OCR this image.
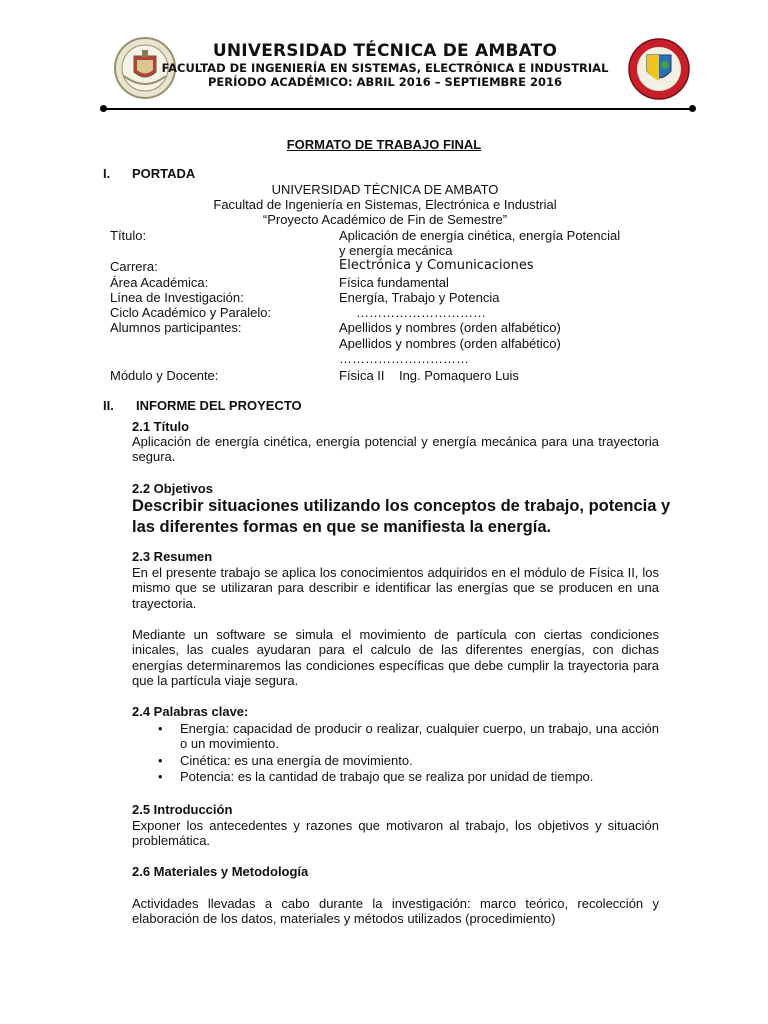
UNIVERSIDAD TÉCNICA DE AMBATO
FACULTAD DE INGENIERÍA EN SISTEMAS, ELECTRÓNICA E INDUSTRIAL
PERÍODO ACADÉMICO: ABRIL 2016 – SEPTIEMBRE 2016
FORMATO DE TRABAJO FINAL
I. PORTADA
UNIVERSIDAD TÉCNICA DE AMBATO
Facultad de Ingeniería en Sistemas, Electrónica e Industrial
“Proyecto Académico de Fin de Semestre”
Título:	Aplicación de energía cinética, energía Potencial
y energía mecánica
Carrera:	Electrónica y Comunicaciones
Área Académica:	Física fundamental
Línea de Investigación:	Energía, Trabajo y Potencia
Ciclo Académico y Paralelo:	…………………………
Alumnos participantes:	Apellidos y nombres (orden alfabético)
Apellidos y nombres (orden alfabético)
…………………………
Módulo y Docente:	Física II    Ing. Pomaquero Luis
II. INFORME DEL PROYECTO
2.1 Título
Aplicación de energía cinética, energía potencial y energía mecánica para una trayectoria segura.
2.2 Objetivos
Describir situaciones utilizando los conceptos de trabajo, potencia y las diferentes formas en que se manifiesta la energía.
2.3 Resumen
En el presente trabajo se aplica los conocimientos adquiridos en el módulo de Física II, los mismo que se utilizaran para describir e identificar las energías que se producen en una trayectoria.
Mediante un software se simula el movimiento de partícula con ciertas condiciones inicales, las cuales ayudaran para el calculo de las diferentes energías, con dichas energías determinaremos las condiciones específicas que debe cumplir la trayectoria para que la partícula viaje segura.
2.4 Palabras clave:
• Energía: capacidad de producir o realizar, cualquier cuerpo, un trabajo, una acción o un movimiento.
• Cinética: es una energía de movimiento.
• Potencia: es la cantidad de trabajo que se realiza por unidad de tiempo.
2.5 Introducción
Exponer los antecedentes y razones que motivaron al trabajo, los objetivos y situación problemática.
2.6 Materiales y Metodología
Actividades llevadas a cabo durante la investigación: marco teórico, recolección y elaboración de los datos, materiales y métodos utilizados (procedimiento)
